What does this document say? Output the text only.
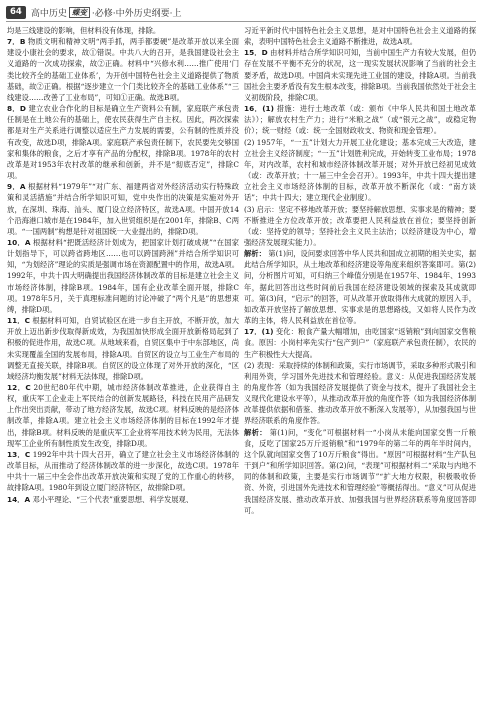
64	高中历史 蝶变 ·必修·中外历史纲要·上

均是三线建设的影响，但材料没有体现，排除。

7．B 物质文明和精神文明“两手抓，两手都要硬”是改革开放以来全面建设小康社会的要求，故①错误。中共八大的召开，是我国建设社会主义道路的一次成功探索，故②正确。材料中“兴修水利……推广使用‘门类比较齐全的基础工业体系’，为开创中国特色社会主义道路提供了物质基础，故②正确。根据“逐步建立一个门类比较齐全的基础工业体系”“三线建设……改善了工业布局”，可知①正确。故选B项。

8．D 建立农业合作化的目标是确立生产资料公有制，家庭联产承包责任制是在土地公有的基础上，使农民获得生产自主权。因此，两次探索都是对生产关系进行调整以适应生产力发展的需要，公有制的性质并没有改变，故选D项，排除A项。家庭联产承包责任制下，农民要先交够国家和集体的粮食，之后才享有产品的分配权，排除B项。1978年的农村改革是对1953年农村改革的继承和创新，并不是“彻底否定”，排除C项。

9．A 根据材料“1979年”“对广东、福建两省对外经济活动实行特殊政策和灵活措施”并结合所学知识可知，党中央作出的决策是实施对外开放，在深圳、珠海、汕头、厦门设立经济特区，故选A项。中国开放14个沿海港口城市是在1984年，加入世贸组织是在2001年，排除B、C两项。“一国两制”构想是针对祖国统一大业提出的，排除D项。

10．A 根据材料“把既活经济计划成为，把国家计划打破成规”“在国家计划指导下，可以跨省跨地区……也可以跨国跨洲”并结合所学知识可知，“为划经济”理论的实质是强调市场在资源配置中的作用，故选A项。1992年，中共十四大明确提出我国经济体制改革的目标是建立社会主义市场经济体制，排除B项。1984年，国有企业改革全面开展，排除C项。1978年5月，关于真理标准问题的讨论冲破了“两个凡是”的思想束缚，排除D项。

11．C 根据材料可知，自贸试验区在进一步自主开放，不断开放，加大开放上迈出新步伐取得新成效，为我国加快形成全面开放新格局起到了积极的促进作用，故选C项。从地域来看，自贸区集中于中东部地区，尚未实现覆盖全国的发展布局，排除A项。自贸区的设立与工业生产布局的调整无直接关联，排除B项。自贸区的设立体现了对外开放的深化，“区域经济均衡发展”材料无法体现，排除D项。

12．C 20世纪80年代中期，城市经济体制改革推进，企业获得自主权，重庆军工企业走上军民结合的创新发展路径，科技在民用产品研发上作出突出贡献，带动了地方经济发展，故选C项。材料反映的是经济体制改革，排除A项。建立社会主义市场经济体制的目标在1992年才提出，排除B项。材料反映的是重庆军工企业将军用技术转为民用，无法体现军工企业所有制性质发生改变，排除D项。

13．C 1992年中共十四大召开，确立了建立社会主义市场经济体制的改革目标，从而推动了经济体制改革的进一步深化，故选C项。1978年中共十一届三中全会作出改革开放决策和实现了党的工作重心的转移，故排除A项。1980年到设立厦门经济特区，故排除D项。

14．A 邓小平理论、“三个代表”重要思想、科学发展观、

习近平新时代中国特色社会主义思想，是对中国特色社会主义道路的探索，表明中国特色社会主义道路不断推进，故选A项。

15．D 由材料并结合所学知识可知，当前中国生产力有较大发展，但仍存在发展不平衡不充分的状况，这一现实发展状况影响了当前的社会主要矛盾，故选D项。中国尚未实现先进工业国的建设，排除A项。当前我国社会主要矛盾没有发生根本改变，排除B项。当前我国依然处于社会主义初级阶段，排除C项。

16．(1) 措施：进行土地改革（或：颁布《中华人民共和国土地改革法》）；解放农村生产力；进行“米粮之战”（或“银元之战”，或稳定物价）；统一财经（或：统一全国财政收支、物资和现金管理）。

(2) 1957年，“一五”计划大力开展工业化建设；基本完成三大改造，建立社会主义经济制度；“一五”计划胜利完成，开始转变工业布局；1978年，对内改革，农村和城市经济体制改革开展；对外开放已经初见成效（或：改革开放；十一届三中全会召开）。1993年，中共十四大提出建立社会主义市场经济体制的目标，改革开放不断深化（或：“南方谈话”；中共十四大；建立现代企业制度）。

(3) 启示：坚定不移地改革开放；要坚持解放思想、实事求是的精神；要不断推进全方位改革开放；改革要把人民利益放在首位；要坚持创新（或：坚持党的领导；坚持社会主义民主法治；以经济建设为中心，增强经济发展现实能力）。

解析： 第(1)问，设问要求回答中华人民共和国成立初期的相关史实，据此结合所学知识，从土地改革和经济建设等角度来组织答案即可。第(2)问，分析图片可知，可归纳三个峰值分别是在1957年、1984年、1993年，据此回答出这些时间前后我国在经济建设领域的探索及其成就即可。第(3)问，“启示”的回答，可从改革开放取得伟大成就的原因入手，如改革开放坚持了解放思想、实事求是的思想路线，又如将人民作为改革的主体，将人民利益放在首位等。

17．(1) 变化：粮食产量大幅增加，由吃国家“返销粮”到向国家交售粮食。原因：小岗村率先实行“包产到户”（家庭联产承包责任制），农民的生产积极性大大提高。

(2) 表现：采取持续的体制和政策，实行市场调节，采取多种形式吸引和利用外资，学习国外先进技术和管理经验。意义：从促进我国经济发展的角度作答（如为我国经济发展提供了资金与技术，提升了我国社会主义现代化建设水平等），从推动改革开放的角度作答（如为我国经济体制改革提供依据和借鉴、推动改革开放不断深入发展等），从加强我国与世界经济联系的角度作答。

解析： 第(1)问，“变化”可根据材料一“小岗从未能向国家交售一斤粮食，反吃了国家25万斤返销粮”和“1979年的第二年的两年半时间内，这个队就向国家交售了10万斤粮食”得出。“原因”可根据材料“生产队包干到户”和所学知识回答。第(2)问，“表现”可根据材料二“采取与内地不同的体制和政策，主要是实行市场调节”“扩大地方权限，积极吸收侨资、外资，引进国外先进技术和管理经验”等概括得出。“意义”可从促进我国经济发展、推动改革开放、加强我国与世界经济联系等角度回答即可。
